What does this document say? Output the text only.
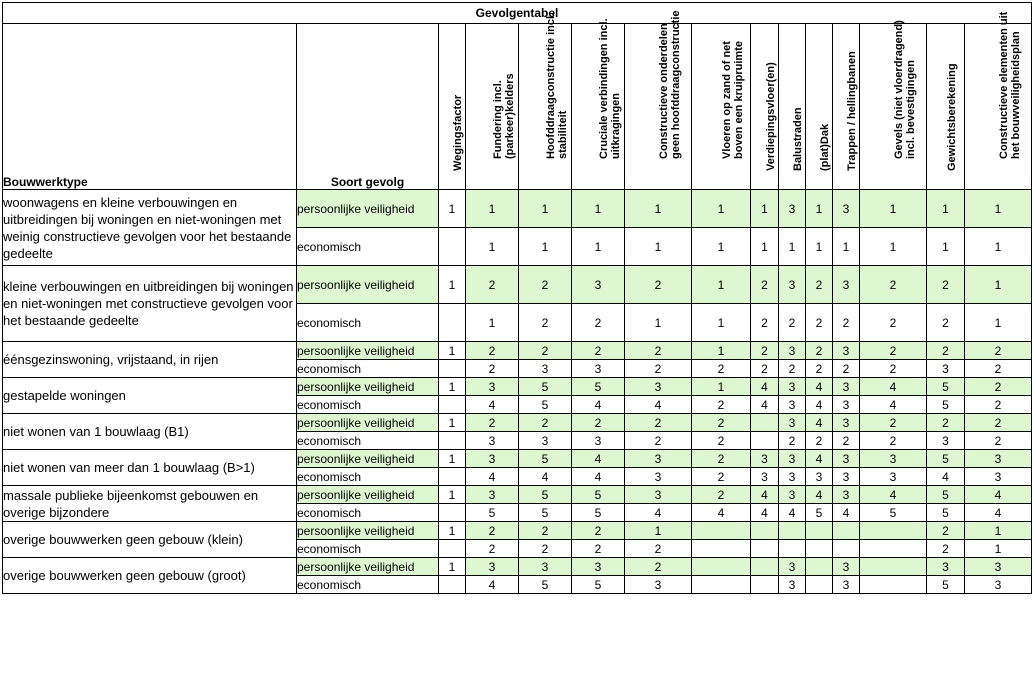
Gevolgentabel														
Bouwwerktype	Soort gevolg	Wegingsfactor	Fundering incl. (parkeer)kelders	Hoofddraagconstructie incl. stabiliteit	Cruciale verbindingen incl. uitkragingen	Constructieve onderdelen geen hoofddraagconstructie	Vloeren op zand of net boven een kruipruimte	Verdiepingsvloer(en)	Balustraden	(plat)Dak	Trappen / hellingbanen	Gevels (niet vloerdragend) incl. bevestigingen	Gewichtsberekening	Constructieve elementen uit het bouwveiligheidsplan

woonwagens en kleine verbouwingen en uitbreidingen bij woningen en niet-woningen met weinig constructieve gevolgen voor het bestaande gedeelte	persoonlijke veiligheid	1	1	1	1	1	1	1	3	1	3	1	1	1
	economisch		1	1	1	1	1	1	1	1	1	1	1	1
kleine verbouwingen en uitbreidingen bij woningen en niet-woningen met constructieve gevolgen voor het bestaande gedeelte	persoonlijke veiligheid	1	2	2	3	2	1	2	3	2	3	2	2	1
	economisch		1	2	2	1	1	2	2	2	2	2	2	1
éénsgezinswoning, vrijstaand, in rijen	persoonlijke veiligheid	1	2	2	2	2	1	2	3	2	3	2	2	2
	economisch		2	3	3	2	2	2	2	2	2	2	3	2
gestapelde woningen	persoonlijke veiligheid	1	3	5	5	3	1	4	3	4	3	4	5	2
	economisch		4	5	4	4	2	4	3	4	3	4	5	2
niet wonen van 1 bouwlaag (B1)	persoonlijke veiligheid	1	2	2	2	2	2		3	4	3	2	2	2
	economisch		3	3	3	2	2		2	2	2	2	3	2
niet wonen van meer dan 1 bouwlaag (B>1)	persoonlijke veiligheid	1	3	5	4	3	2	3	3	4	3	3	5	3
	economisch		4	4	4	3	2	3	3	3	3	3	4	3
massale publieke bijeenkomst gebouwen en overige bijzondere	persoonlijke veiligheid	1	3	5	5	3	2	4	3	4	3	4	5	4
	economisch		5	5	5	4	4	4	4	5	4	5	5	4
overige bouwwerken geen gebouw (klein)	persoonlijke veiligheid	1	2	2	2	1							2	1
	economisch		2	2	2	2							2	1
overige bouwwerken geen gebouw (groot)	persoonlijke veiligheid	1	3	3	3	2			3		3		3	3
	economisch		4	5	5	3			3		3		5	3
